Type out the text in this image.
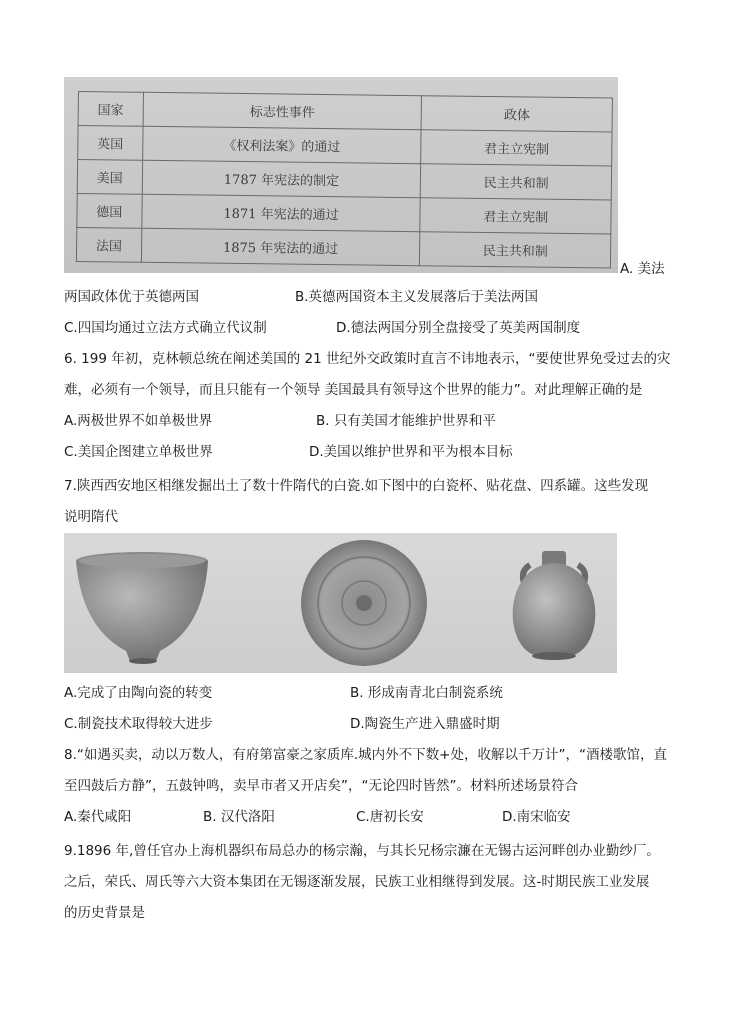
国家	标志性事件	政体
英国	《权利法案》的通过	君主立宪制
美国	1787 年宪法的制定	民主共和制
德国	1871 年宪法的通过	君主立宪制
法国	1875 年宪法的通过	民主共和制
A. 美法
两国政体优于英德两国	B.英德两国资本主义发展落后于美法两国
C.四国均通过立法方式确立代议制	D.德法两国分别全盘接受了英美两国制度
6. 199 年初，克林顿总统在阐述美国的 21 世纪外交政策时直言不讳地表示，“要使世界免受过去的灾
难，必须有一个领导，而且只能有一个领导 美国最具有领导这个世界的能力”。对此理解正确的是
A.两极世界不如单极世界	B. 只有美国才能维护世界和平
C.美国企图建立单极世界	D.美国以维护世界和平为根本目标
7.陕西西安地区相继发掘出土了数十件隋代的白瓷.如下图中的白瓷杯、贴花盘、四系罐。这些发现
说明隋代
A.完成了由陶向瓷的转变	B. 形成南青北白制瓷系统
C.制瓷技术取得较大进步	D.陶瓷生产进入鼎盛时期
8.“如遇买卖，动以万数人，有府第富豪之家质库.城内外不下数+处，收解以千万计”，“酒楼歌馆，直
至四鼓后方静”，五鼓钟鸣，卖早市者又开店矣”，“无论四时皆然”。材料所述场景符合
A.秦代咸阳	B. 汉代洛阳	C.唐初长安	D.南宋临安
9.1896 年,曾任官办上海机器织布局总办的杨宗瀚，与其长兄杨宗濂在无锡古运河畔创办业勤纱厂。
之后，荣氏、周氏等六大资本集团在无锡逐渐发展，民族工业相继得到发展。这-时期民族工业发展
的历史背景是
